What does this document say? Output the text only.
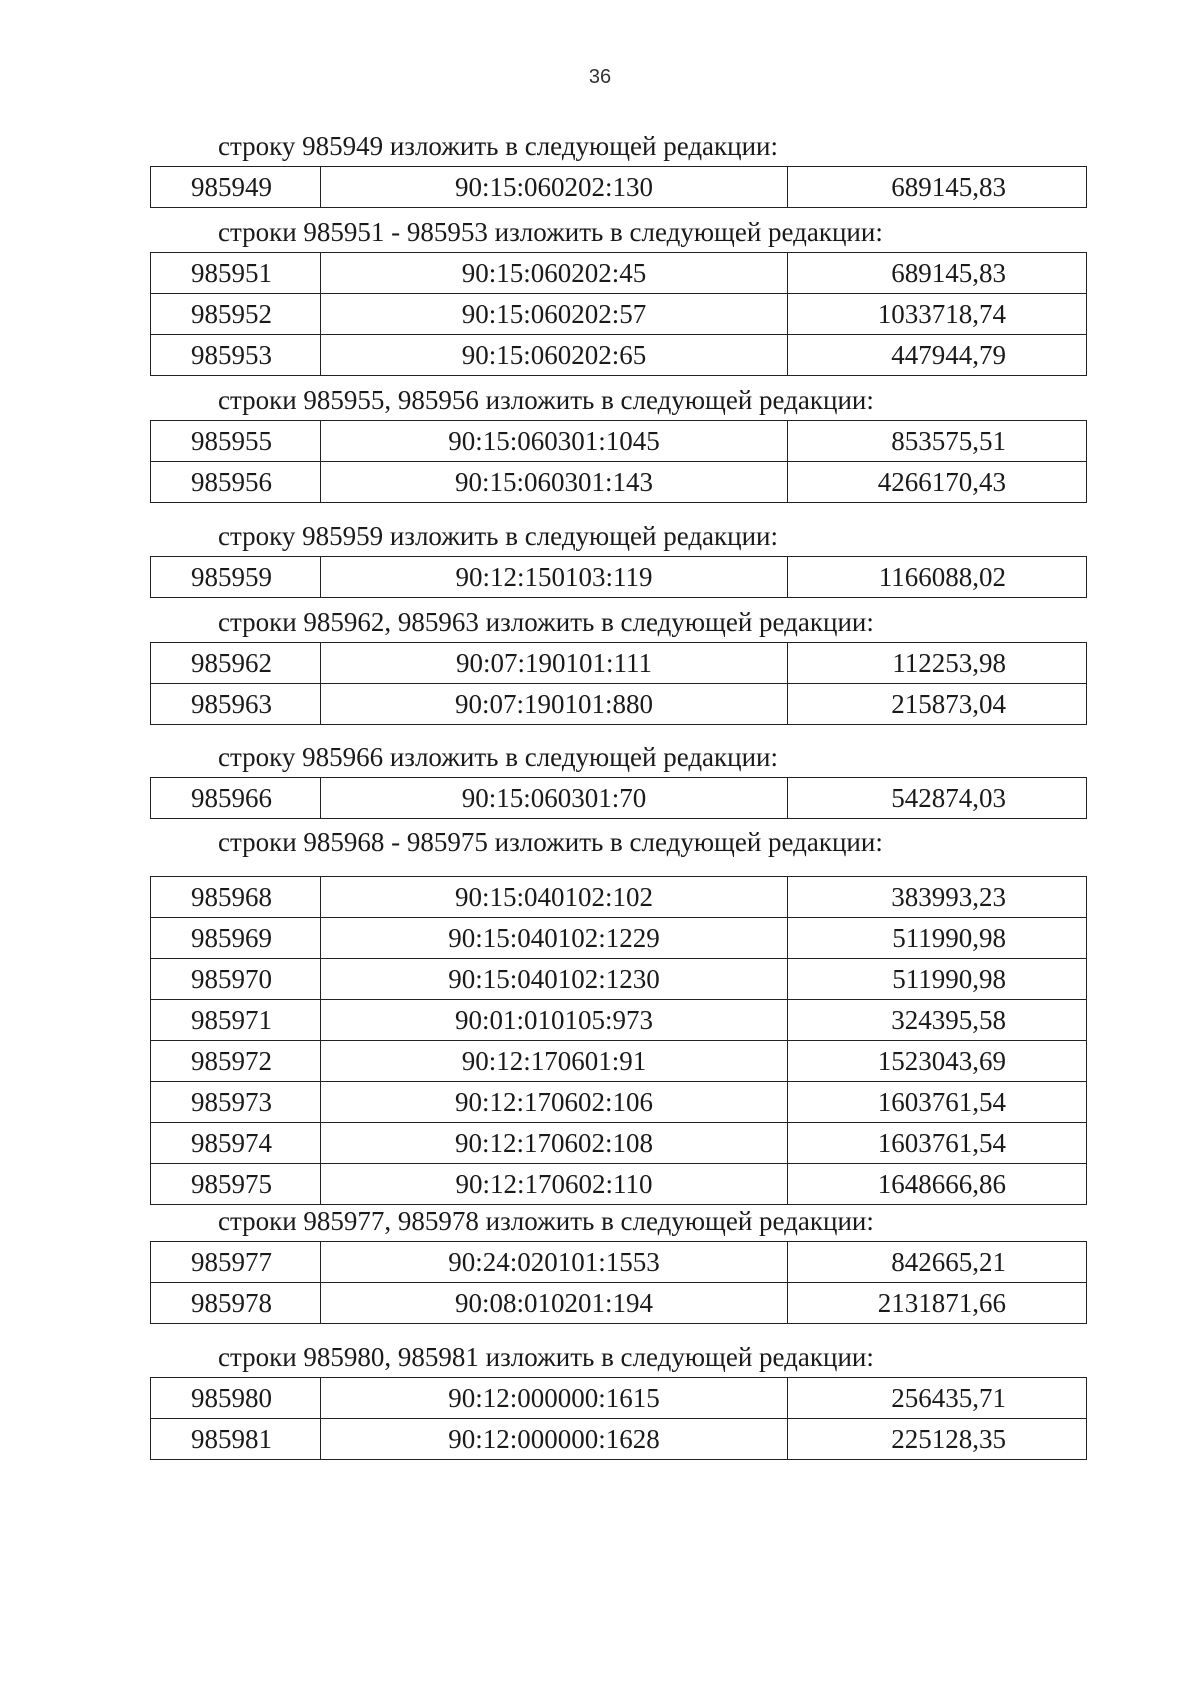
36
строку 985949 изложить в следующей редакции:
985949	90:15:060202:130	689145,83
строки 985951 - 985953 изложить в следующей редакции:
985951	90:15:060202:45	689145,83
985952	90:15:060202:57	1033718,74
985953	90:15:060202:65	447944,79
строки 985955, 985956 изложить в следующей редакции:
985955	90:15:060301:1045	853575,51
985956	90:15:060301:143	4266170,43
строку 985959 изложить в следующей редакции:
985959	90:12:150103:119	1166088,02
строки 985962, 985963 изложить в следующей редакции:
985962	90:07:190101:111	112253,98
985963	90:07:190101:880	215873,04
строку 985966 изложить в следующей редакции:
985966	90:15:060301:70	542874,03
строки 985968 - 985975 изложить в следующей редакции:
985968	90:15:040102:102	383993,23
985969	90:15:040102:1229	511990,98
985970	90:15:040102:1230	511990,98
985971	90:01:010105:973	324395,58
985972	90:12:170601:91	1523043,69
985973	90:12:170602:106	1603761,54
985974	90:12:170602:108	1603761,54
985975	90:12:170602:110	1648666,86
строки 985977, 985978 изложить в следующей редакции:
985977	90:24:020101:1553	842665,21
985978	90:08:010201:194	2131871,66
строки 985980, 985981 изложить в следующей редакции:
985980	90:12:000000:1615	256435,71
985981	90:12:000000:1628	225128,35
